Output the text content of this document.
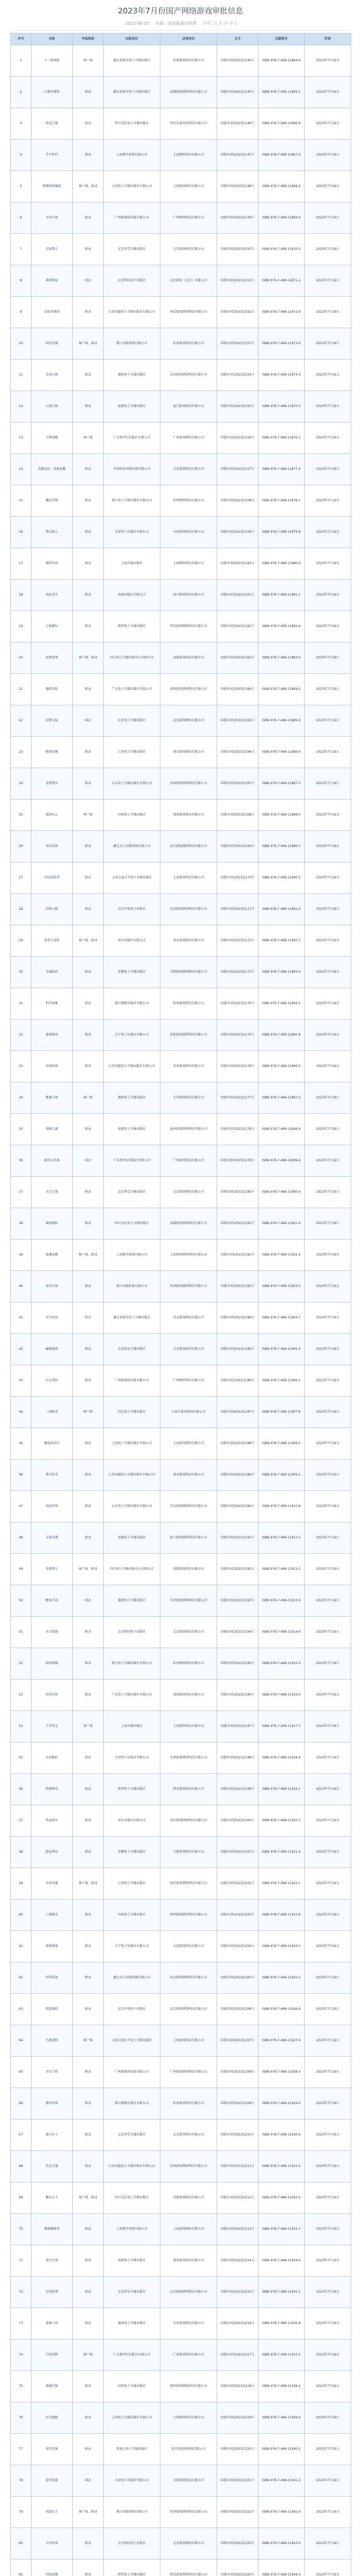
2023年7月份国产网络游戏审批信息
2023-08-25 来源：国家新闻出版署 字号：[ 大 中 小 ]
序号	名称	申报类别	出版单位	运营单位	文号	出版物号	时间
1	千一游戏游	客户端	湖北省新光电子音像出版社	杭州游戏科技有限公司	国新出审[2023]1144号	ISBN 978-7-498-11864-4	2023年7月19日
2	江湖奇缘传	移动	湖北省新光电子音像出版社	成都游戏网络科技有限公司	国新出审[2023]1145号	ISBN 978-7-498-11865-1	2023年7月19日
3	萌宠之城	移动	四川文化电子音像出版社	四川乐游信息科技有限公司	国新出审[2023]1146号	ISBN 978-7-498-11866-8	2023年7月19日
4	学生时代	移动	上海数字传媒有限公司	上海网络科技有限公司	国新出审[2023]1147号	ISBN 978-7-498-11867-5	2023年7月19日
5	图腾部落崛起	客户端、移动	上海电子音像出版社有限公司	上海游戏科技有限公司	国新出审[2023]1148号	ISBN 978-7-498-11868-2	2023年7月19日
6	天外归途	移动	广州新媒体出版有限公司	广州网络科技有限公司	国新出审[2023]1149号	ISBN 978-7-498-11869-9	2023年7月19日
7	星辰猎人	移动	北京华艺音像出版社	北京游戏科技有限公司	国新出审[2023]1150号	ISBN 978-7-498-11870-5	2023年7月19日
8	神域传说	移动	北京科技电子出版社	北京游戏（北京）有限公司	国新出审[2023]1151号	ISBN 978-7-498-11871-2	2023年7月19日
9	冒险者联盟	移动	江苏凤凰电子音像出版社有限公司	南京游戏网络科技有限公司	国新出审[2023]1152号	ISBN 978-7-498-11872-9	2023年7月19日
10	仙途奇缘	客户端、移动	浙江出版传媒有限公司	杭州游戏科技有限公司	国新出审[2023]1153号	ISBN 978-7-498-11873-6	2023年7月19日
11	美食小镇	移动	湖南电子音像出版社	长沙游戏网络科技有限公司	国新出审[2023]1154号	ISBN 978-7-498-11874-3	2023年7月19日
12	云端之城	移动	福建电子音像出版社	厦门游戏科技有限公司	国新出审[2023]1155号	ISBN 978-7-498-11875-0	2023年7月19日
13	王牌战舰	客户端	广东新世纪出版社有限公司	广州游戏网络有限公司	国新出审[2023]1156号	ISBN 978-7-498-11876-7	2023年7月19日
14	英雄远征：龙脉觉醒	移动	中国科技出版传媒有限公司	北京游戏科技有限公司	国新出审[2023]1157号	ISBN 978-7-498-11877-4	2023年7月19日
15	魔法学园	移动	浙江电子音像出版社有限公司	杭州网络科技有限公司	国新出审[2023]1158号	ISBN 978-7-498-11878-1	2023年7月19日
16	梦幻旅人	移动	天津电子出版社有限公司	天津游戏科技有限公司	国新出审[2023]1159号	ISBN 978-7-498-11879-8	2023年7月19日
17	钢铁军团	移动	上海音像出版社	上海网络科技有限公司	国新出审[2023]1160号	ISBN 978-7-498-11880-4	2023年7月19日
18	海岛求生	移动	海南出版社有限公司	海口游戏科技有限公司	国新出审[2023]1161号	ISBN 978-7-498-11881-1	2023年7月19日
19	万象棋局	移动	陕西电子音像出版社	西安游戏网络科技有限公司	国新出审[2023]1162号	ISBN 978-7-498-11882-8	2023年7月19日
20	武林至尊	客户端、移动	四川电子音像出版中心有限公司	成都游戏科技有限公司	国新出审[2023]1163号	ISBN 978-7-498-11883-5	2023年7月19日
21	像素冒险	移动	广东电子音像出版社有限公司	深圳游戏网络科技有限公司	国新出审[2023]1164号	ISBN 978-7-498-11884-2	2023年7月19日
22	幻想大陆	移动	北京电子音像出版社	北京游戏网络有限公司	国新出审[2023]1165号	ISBN 978-7-498-11885-9	2023年7月19日
23	极速狂飙	移动	江西电子音像出版社	南昌游戏科技有限公司	国新出审[2023]1166号	ISBN 978-7-498-11886-6	2023年7月19日
24	宠物物语	移动	山东电子音像出版社有限公司	济南游戏网络科技有限公司	国新出审[2023]1167号	ISBN 978-7-498-11887-3	2023年7月19日
25	战国风云	客户端	河南电子音像出版社	郑州游戏科技有限公司	国新出审[2023]1168号	ISBN 978-7-498-11888-0	2023年7月19日
26	奇幻农场	移动	湖北长江出版传媒有限公司	武汉游戏网络科技有限公司	国新出审[2023]1169号	ISBN 978-7-498-11889-7	2023年7月19日
27	星际迷航者	移动	上海交通大学电子音像出版社	上海游戏科技有限公司	国新出审[2023]1170号	ISBN 978-7-498-11890-3	2023年7月19日
28	封神之路	移动	北京中电电子出版社	北京游戏网络科技有限公司	国新出审[2023]1171号	ISBN 978-7-498-11891-0	2023年7月19日
29	勇者大冒险	客户端、移动	重庆出版社有限公司	重庆游戏科技有限公司	国新出审[2023]1172号	ISBN 978-7-498-11892-7	2023年7月19日
30	水墨仙侠	移动	安徽电子音像出版社	合肥游戏网络科技有限公司	国新出审[2023]1173号	ISBN 978-7-498-11893-4	2023年7月19日
31	机甲战姬	移动	浙江摄影出版社有限公司	杭州游戏科技有限公司	国新出审[2023]1174号	ISBN 978-7-498-11894-1	2023年7月19日
32	森林物语	移动	辽宁电子出版社有限公司	沈阳游戏网络科技有限公司	国新出审[2023]1175号	ISBN 978-7-498-11895-8	2023年7月19日
33	决战西游	移动	江苏凤凰电子音像出版社有限公司	苏州游戏科技有限公司	国新出审[2023]1176号	ISBN 978-7-498-11896-5	2023年7月19日
34	桃源小镇	客户端	湖南电子音像出版社	长沙游戏科技有限公司	国新出审[2023]1177号	ISBN 978-7-498-11897-2	2023年7月19日
35	剑影江湖	移动	福建电子音像出版社	福州游戏网络科技有限公司	国新出审[2023]1178号	ISBN 978-7-498-11898-9	2023年7月19日
36	萌兽大作战	移动	广东新世纪出版社有限公司	广州游戏科技有限公司	国新出审[2023]1179号	ISBN 978-7-498-11899-6	2023年7月19日
37	天空之翼	移动	北京华艺音像出版社	北京游戏网络有限公司	国新出审[2023]1180号	ISBN 978-7-498-11900-9	2023年7月19日
38	秘境探险	移动	四川文化电子音像出版社	成都游戏网络科技有限公司	国新出审[2023]1181号	ISBN 978-7-498-11901-6	2023年7月19日
39	战魂觉醒	客户端、移动	上海数字传媒有限公司	上海游戏网络科技有限公司	国新出审[2023]1182号	ISBN 978-7-498-11902-3	2023年7月19日
40	花语庄园	移动	浙江出版传媒有限公司	杭州游戏网络科技有限公司	国新出审[2023]1183号	ISBN 978-7-498-11903-0	2023年7月19日
41	无尽征途	移动	湖北省新光电子音像出版社	武汉游戏科技有限公司	国新出审[2023]1184号	ISBN 978-7-498-11904-7	2023年7月19日
42	巅峰篮球	移动	北京体育音像出版社	北京游戏科技有限公司	国新出审[2023]1185号	ISBN 978-7-498-11905-4	2023年7月19日
43	幻灵契约	移动	广州新媒体出版有限公司	广州网络科技有限公司	国新出审[2023]1186号	ISBN 978-7-498-11906-1	2023年7月19日
44	三国群英	客户端	河北电子音像出版社	石家庄游戏科技有限公司	国新出审[2023]1187号	ISBN 978-7-498-11907-8	2023年7月19日
45	趣味消消乐	移动	上海电子音像出版社有限公司	上海游戏网络有限公司	国新出审[2023]1188号	ISBN 978-7-498-11908-5	2023年7月19日
46	神兵传奇	移动	江苏凤凰电子音像出版社有限公司	南京游戏科技有限公司	国新出审[2023]1189号	ISBN 978-7-498-11909-2	2023年7月19日
47	海底世界	移动	山东电子音像出版社有限公司	青岛游戏网络科技有限公司	国新出审[2023]1190号	ISBN 978-7-498-11910-8	2023年7月19日
48	灵剑奇谭	移动	福建电子音像出版社	厦门游戏网络科技有限公司	国新出审[2023]1191号	ISBN 978-7-498-11911-5	2023年7月19日
49	荒野猎人	客户端、移动	四川电子音像出版中心有限公司	成都游戏科技有限公司	国新出审[2023]1192号	ISBN 978-7-498-11912-2	2023年7月19日
50	糖果王国	移动	湖南电子音像出版社	长沙游戏网络科技有限公司	国新出审[2023]1193号	ISBN 978-7-498-11913-9	2023年7月19日
51	末日防线	移动	北京科技电子出版社	北京游戏科技有限公司	国新出审[2023]1194号	ISBN 978-7-498-11914-6	2023年7月19日
52	仙侠情缘	移动	浙江电子音像出版社有限公司	杭州网络科技有限公司	国新出审[2023]1195号	ISBN 978-7-498-11915-3	2023年7月19日
53	快乐钓鱼	移动	广东电子音像出版社有限公司	深圳游戏科技有限公司	国新出审[2023]1196号	ISBN 978-7-498-11916-0	2023年7月19日
54	王者荣光	客户端	上海音像出版社	上海网络科技有限公司	国新出审[2023]1197号	ISBN 978-7-498-11917-7	2023年7月19日
55	星海舰队	移动	天津电子出版社有限公司	天津游戏网络科技有限公司	国新出审[2023]1198号	ISBN 978-7-498-11918-4	2023年7月19日
56	妖精物语	移动	陕西电子音像出版社	西安游戏科技有限公司	国新出审[2023]1199号	ISBN 978-7-498-11919-1	2023年7月19日
57	铁血战车	移动	重庆出版社有限公司	重庆游戏网络科技有限公司	国新出审[2023]1200号	ISBN 978-7-498-11920-7	2023年7月19日
58	甜品物语	移动	安徽电子音像出版社	合肥游戏科技有限公司	国新出审[2023]1201号	ISBN 978-7-498-11921-4	2023年7月19日
59	天命英雄	客户端、移动	江西电子音像出版社	南昌游戏网络科技有限公司	国新出审[2023]1202号	ISBN 978-7-498-11922-1	2023年7月19日
60	口袋精灵	移动	河南电子音像出版社	郑州游戏网络科技有限公司	国新出审[2023]1203号	ISBN 978-7-498-11923-8	2023年7月19日
61	暗影刺客	移动	辽宁电子出版社有限公司	大连游戏科技有限公司	国新出审[2023]1204号	ISBN 978-7-498-11924-5	2023年7月19日
62	四季农场	移动	湖北长江出版传媒有限公司	武汉游戏网络科技有限公司	国新出审[2023]1205号	ISBN 978-7-498-11925-2	2023年7月19日
63	雷霆战机	移动	北京中电电子出版社	北京游戏网络科技有限公司	国新出审[2023]1206号	ISBN 978-7-498-11926-9	2023年7月19日
64	古墓迷踪	客户端	上海交通大学电子音像出版社	上海游戏科技有限公司	国新出审[2023]1207号	ISBN 978-7-498-11927-6	2023年7月19日
65	音乐节拍	移动	广州新媒体出版有限公司	广州游戏网络科技有限公司	国新出审[2023]1208号	ISBN 978-7-498-11928-3	2023年7月19日
66	修真世界	移动	浙江摄影出版社有限公司	杭州游戏科技有限公司	国新出审[2023]1209号	ISBN 978-7-498-11929-0	2023年7月19日
67	赛车狂人	移动	北京华艺音像出版社	北京游戏科技有限公司	国新出审[2023]1210号	ISBN 978-7-498-11930-6	2023年7月19日
68	符文之地	移动	江苏凤凰电子音像出版社有限公司	苏州游戏网络科技有限公司	国新出审[2023]1211号	ISBN 978-7-498-11931-3	2023年7月19日
69	霸业天下	客户端、移动	四川文化电子音像出版社	成都游戏科技有限公司	国新出审[2023]1212号	ISBN 978-7-498-11932-0	2023年7月19日
70	猫咪咖啡馆	移动	上海数字传媒有限公司	上海游戏网络有限公司	国新出审[2023]1213号	ISBN 978-7-498-11933-7	2023年7月19日
71	苍穹之境	移动	福建电子音像出版社	福州游戏科技有限公司	国新出审[2023]1214号	ISBN 978-7-498-11934-4	2023年7月19日
72	足球经理	移动	北京体育音像出版社	北京游戏网络科技有限公司	国新出审[2023]1215号	ISBN 978-7-498-11935-1	2023年7月19日
73	龙骑士传	移动	湖南电子音像出版社	长沙游戏科技有限公司	国新出审[2023]1216号	ISBN 978-7-498-11936-8	2023年7月19日
74	百变消除	客户端	广东新世纪出版社有限公司	广州游戏科技有限公司	国新出审[2023]1217号	ISBN 978-7-498-11937-5	2023年7月19日
75	逐鹿中原	移动	河南电子音像出版社	郑州游戏网络科技有限公司	国新出审[2023]1218号	ISBN 978-7-498-11938-2	2023年7月19日
76	星光偶像	移动	上海电子音像出版社有限公司	上海网络科技有限公司	国新出审[2023]1219号	ISBN 978-7-498-11939-9	2023年7月19日
77	冰雪奇境	移动	黑龙江电子音像出版社	哈尔滨游戏科技有限公司	国新出审[2023]1220号	ISBN 978-7-498-11940-5	2023年7月19日
78	迷宫探索	移动	天津电子出版社有限公司	天津游戏科技有限公司	国新出审[2023]1221号	ISBN 978-7-498-11941-2	2023年7月19日
79	问道长生	客户端、移动	浙江出版传媒有限公司	杭州游戏网络科技有限公司	国新出审[2023]1222号	ISBN 978-7-498-11942-9	2023年7月19日
80	方块世界	移动	北京科技电子出版社	北京游戏网络有限公司	国新出审[2023]1223号	ISBN 978-7-498-11943-6	2023年7月19日
81	烈焰战歌	移动	陕西电子音像出版社	西安游戏网络科技有限公司	国新出审[2023]1224号	ISBN 978-7-498-11944-3	2023年7月19日
